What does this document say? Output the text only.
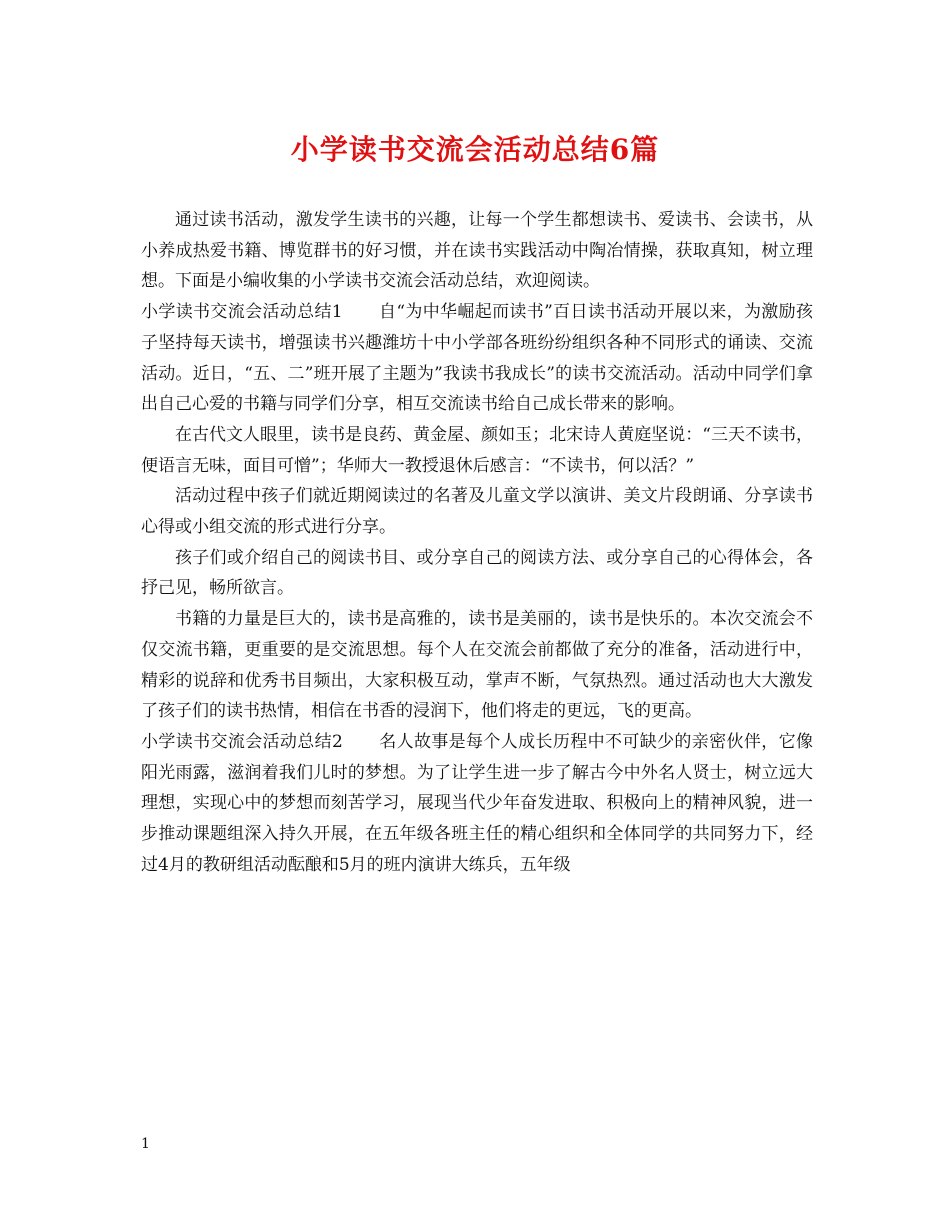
小学读书交流会活动总结6篇

通过读书活动，激发学生读书的兴趣，让每一个学生都想读书、爱读书、会读书，从小养成热爱书籍、博览群书的好习惯，并在读书实践活动中陶冶情操，获取真知，树立理想。下面是小编收集的小学读书交流会活动总结，欢迎阅读。

小学读书交流会活动总结1 自“为中华崛起而读书”百日读书活动开展以来，为激励孩子坚持每天读书，增强读书兴趣潍坊十中小学部各班纷纷组织各种不同形式的诵读、交流活动。近日，“五、二”班开展了主题为”我读书我成长”的读书交流活动。活动中同学们拿出自己心爱的书籍与同学们分享，相互交流读书给自己成长带来的影响。

在古代文人眼里，读书是良药、黄金屋、颜如玉；北宋诗人黄庭坚说：“三天不读书，便语言无味，面目可憎”；华师大一教授退休后感言：“不读书，何以活？”

活动过程中孩子们就近期阅读过的名著及儿童文学以演讲、美文片段朗诵、分享读书心得或小组交流的形式进行分享。

孩子们或介绍自己的阅读书目、或分享自己的阅读方法、或分享自己的心得体会，各抒己见，畅所欲言。

书籍的力量是巨大的，读书是高雅的，读书是美丽的，读书是快乐的。本次交流会不仅交流书籍，更重要的是交流思想。每个人在交流会前都做了充分的准备，活动进行中，精彩的说辞和优秀书目频出，大家积极互动，掌声不断，气氛热烈。通过活动也大大激发了孩子们的读书热情，相信在书香的浸润下，他们将走的更远，飞的更高。

小学读书交流会活动总结2 名人故事是每个人成长历程中不可缺少的亲密伙伴，它像阳光雨露，滋润着我们儿时的梦想。为了让学生进一步了解古今中外名人贤士，树立远大理想，实现心中的梦想而刻苦学习，展现当代少年奋发进取、积极向上的精神风貌，进一步推动课题组深入持久开展，在五年级各班主任的精心组织和全体同学的共同努力下，经过4月的教研组活动酝酿和5月的班内演讲大练兵，五年级

1
